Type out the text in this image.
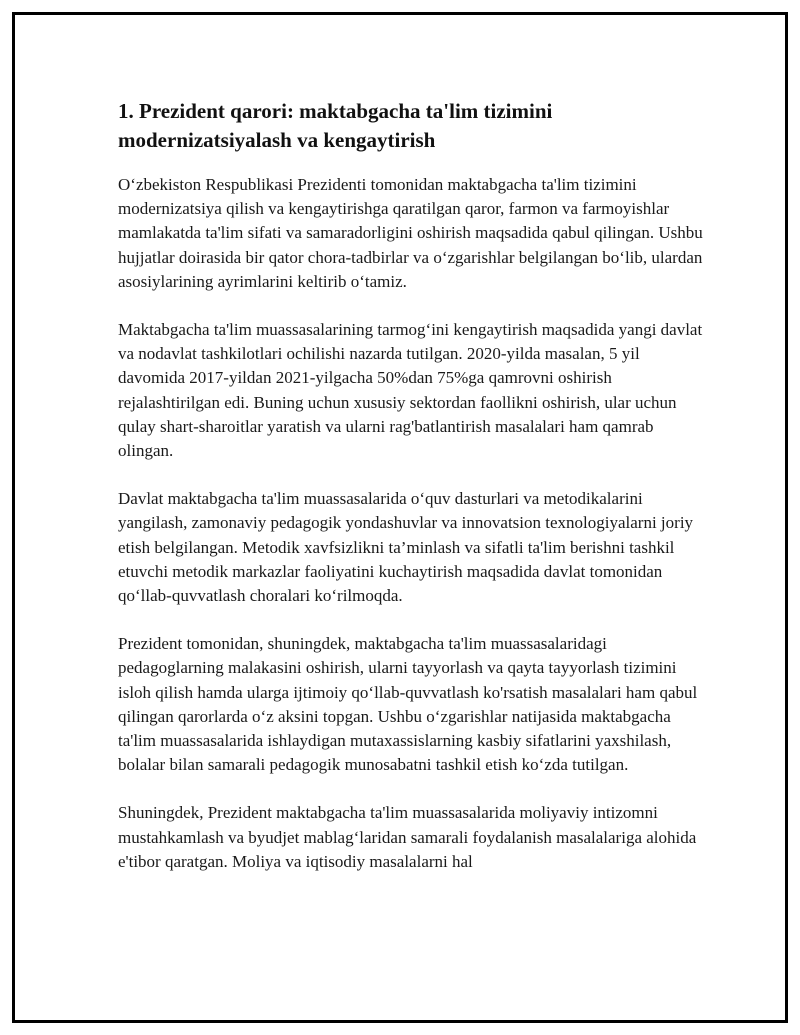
1. Prezident qarori: maktabgacha ta'lim tizimini modernizatsiyalash va kengaytirish

O‘zbekiston Respublikasi Prezidenti tomonidan maktabgacha ta'lim tizimini modernizatsiya qilish va kengaytirishga qaratilgan qaror, farmon va farmoyishlar mamlakatda ta'lim sifati va samaradorligini oshirish maqsadida qabul qilingan. Ushbu hujjatlar doirasida bir qator chora-tadbirlar va o‘zgarishlar belgilangan bo‘lib, ulardan asosiylarining ayrimlarini keltirib o‘tamiz.

Maktabgacha ta'lim muassasalarining tarmog‘ini kengaytirish maqsadida yangi davlat va nodavlat tashkilotlari ochilishi nazarda tutilgan. 2020-yilda masalan, 5 yil davomida 2017-yildan 2021-yilgacha 50%dan 75%ga qamrovni oshirish rejalashtirilgan edi. Buning uchun xususiy sektordan faollikni oshirish, ular uchun qulay shart-sharoitlar yaratish va ularni rag'batlantirish masalalari ham qamrab olingan.

Davlat maktabgacha ta'lim muassasalarida o‘quv dasturlari va metodikalarini yangilash, zamonaviy pedagogik yondashuvlar va innovatsion texnologiyalarni joriy etish belgilangan. Metodik xavfsizlikni ta’minlash va sifatli ta'lim berishni tashkil etuvchi metodik markazlar faoliyatini kuchaytirish maqsadida davlat tomonidan qo‘llab-quvvatlash choralari ko‘rilmoqda.

Prezident tomonidan, shuningdek, maktabgacha ta'lim muassasalaridagi pedagoglarning malakasini oshirish, ularni tayyorlash va qayta tayyorlash tizimini isloh qilish hamda ularga ijtimoiy qo‘llab-quvvatlash ko'rsatish masalalari ham qabul qilingan qarorlarda o‘z aksini topgan. Ushbu o‘zgarishlar natijasida maktabgacha ta'lim muassasalarida ishlaydigan mutaxassislarning kasbiy sifatlarini yaxshilash, bolalar bilan samarali pedagogik munosabatni tashkil etish ko‘zda tutilgan.

Shuningdek, Prezident maktabgacha ta'lim muassasalarida moliyaviy intizomni mustahkamlash va byudjet mablag‘laridan samarali foydalanish masalalariga alohida e'tibor qaratgan. Moliya va iqtisodiy masalalarni hal
